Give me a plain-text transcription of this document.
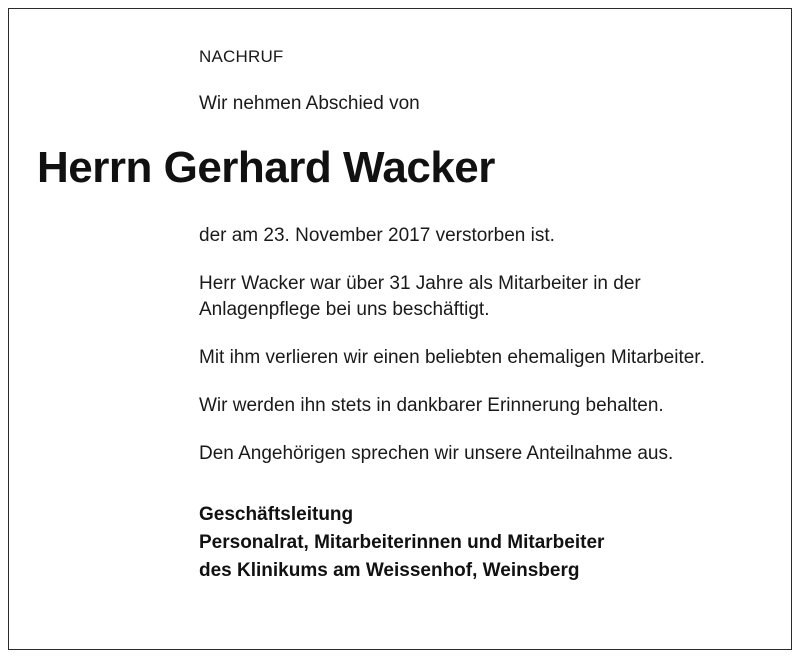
NACHRUF
Wir nehmen Abschied von
Herrn Gerhard Wacker

der am 23. November 2017 verstorben ist.

Herr Wacker war über 31 Jahre als Mitarbeiter in der Anlagenpflege bei uns beschäftigt.

Mit ihm verlieren wir einen beliebten ehemaligen Mitarbeiter.

Wir werden ihn stets in dankbarer Erinnerung behalten.

Den Angehörigen sprechen wir unsere Anteilnahme aus.

Geschäftsleitung
Personalrat, Mitarbeiterinnen und Mitarbeiter
des Klinikums am Weissenhof, Weinsberg
